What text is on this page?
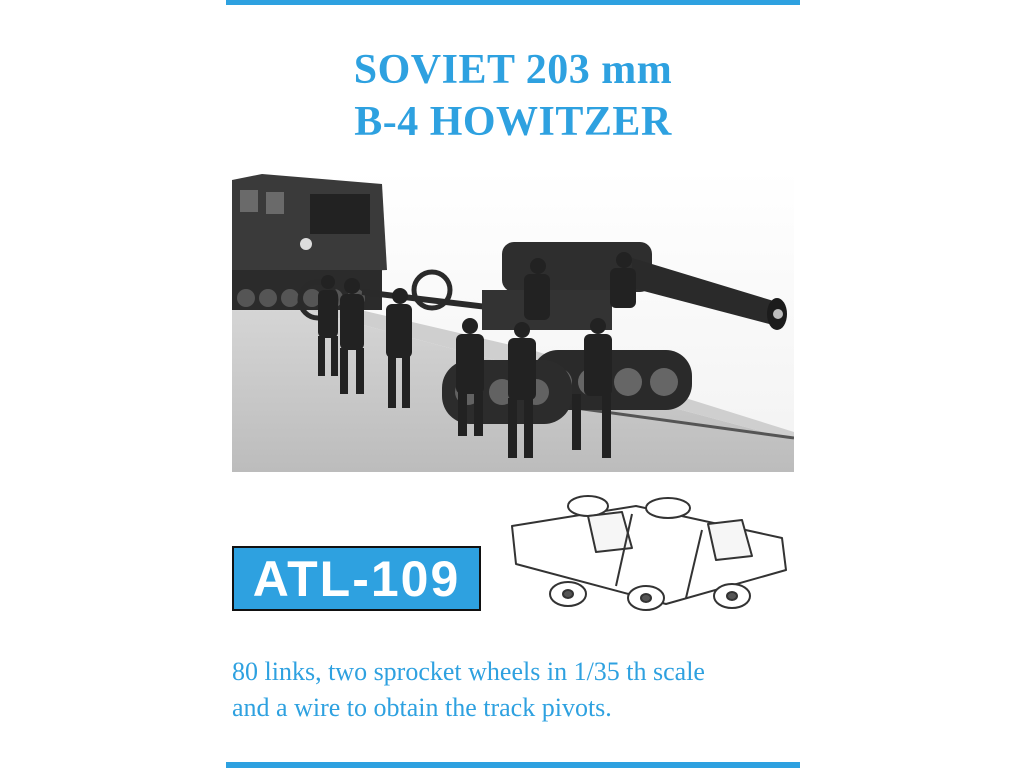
SOVIET 203 mm
B-4 HOWITZER
ATL-109
80 links, two sprocket wheels in 1/35 th scale
and a wire to obtain the track pivots.
